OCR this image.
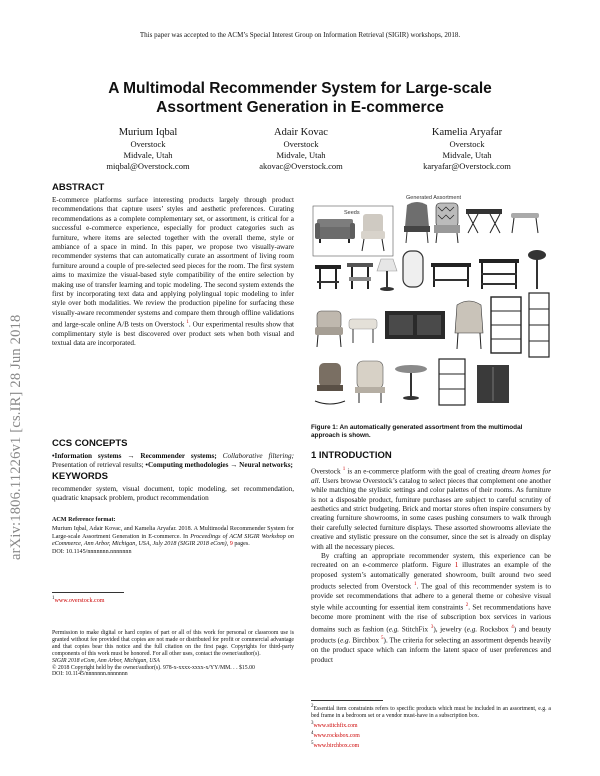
This paper was accepted to the ACM’s Special Interest Group on Information Retrieval (SIGIR) workshops, 2018.
arXiv:1806.11226v1 [cs.IR] 28 Jun 2018
A Multimodal Recommender System for Large-scale
Assortment Generation in E-commerce
Murium Iqbal
Overstock
Midvale, Utah
miqbal@Overstock.com
Adair Kovac
Overstock
Midvale, Utah
akovac@Overstock.com
Kamelia Aryafar
Overstock
Midvale, Utah
karyafar@Overstock.com
ABSTRACT
E-commerce platforms surface interesting products largely through product recommendations that capture users’ styles and aesthetic preferences. Curating recommendations as a complete complementary set, or assortment, is critical for a successful e-commerce experience, especially for product categories such as furniture, where items are selected together with the overall theme, style or ambiance of a space in mind. In this paper, we propose two visually-aware recommender systems that can automatically curate an assortment of living room furniture around a couple of pre-selected seed pieces for the room. The first system aims to maximize the visual-based style compatibility of the entire selection by making use of transfer learning and topic modeling. The second system extends the first by incorporating text data and applying polylingual topic modeling to infer style over both modalities. We review the production pipeline for surfacing these visually-aware recommender systems and compare them through offline validations and large-scale online A/B tests on Overstock $^1$. Our experimental results show that complimentary style is best discovered over product sets when both visual and textual data are incorporated.
CCS CONCEPTS
•Information systems → Recommender systems; Collaborative filtering; Presentation of retrieval results; •Computing methodologies → Neural networks;
KEYWORDS
recommender system, visual document, topic modeling, set recommendation, quadratic knapsack problem, product recommendation
ACM Reference format:
Murium Iqbal, Adair Kovac, and Kamelia Aryafar. 2018. A Multimodal Recommender System for Large-scale Assortment Generation in E-commerce. In Proceedings of ACM SIGIR Workshop on eCommerce, Ann Arbor, Michigan, USA, July 2018 (SIGIR 2018 eCom), 9 pages.
DOI: 10.1145/nnnnnnn.nnnnnnn
$^1$www.overstock.com
Permission to make digital or hard copies of part or all of this work for personal or classroom use is granted without fee provided that copies are not made or distributed for profit or commercial advantage and that copies bear this notice and the full citation on the first page. Copyrights for third-party components of this work must be honored. For all other uses, contact the owner/author(s).
SIGIR 2018 eCom, Ann Arbor, Michigan, USA
© 2018 Copyright held by the owner/author(s). 978-x-xxxx-xxxx-x/YY/MM. . . $15.00
DOI: 10.1145/nnnnnnn.nnnnnnn
Seeds
Generated Assortment
Figure 1: An automatically generated assortment from the multimodal approach is shown.
1 INTRODUCTION
Overstock $^1$ is an e-commerce platform with the goal of creating dream homes for all. Users browse Overstock’s catalog to select pieces that complement one another while matching the stylistic settings and color palettes of their rooms. As furniture is not a disposable product, furniture purchases are subject to careful scrutiny of aesthetics and strict budgeting. Brick and mortar stores often inspire consumers by creating furniture showrooms, in some cases pushing consumers to walk through their carefully selected furniture displays. These assorted showrooms alleviate the creative and stylistic pressure on the consumer, since the set is already on display with all the necessary pieces.
By crafting an appropriate recommender system, this experience can be recreated on an e-commerce platform. Figure 1 illustrates an example of the proposed system’s automatically generated showroom, built around two seed products selected from Overstock $^1$. The goal of this recommender system is to provide set recommendations that adhere to a general theme or cohesive visual style while accounting for essential item constraints $^2$. Set recommendations have become more prominent with the rise of subscription box services in various domains such as fashion (e.g. StitchFix $^3$), jewelry (e.g. Rocksbox $^4$) and beauty products (e.g. Birchbox $^5$). The criteria for selecting an assortment depends heavily on the product space which can inform the latent space of user preferences and product
2Essential item constraints refers to specific products which must be included in an assortment, e.g. a bed frame in a bedroom set or a vendor must-have in a subscription box.
3www.stitchfix.com
4www.rocksbox.com
5www.birchbox.com
